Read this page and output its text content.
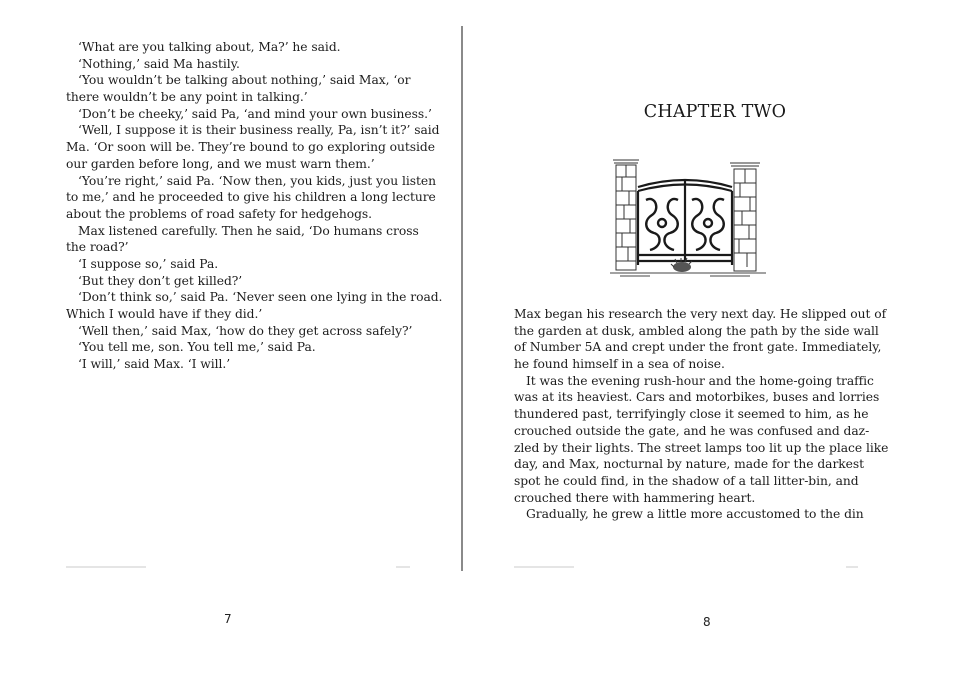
‘What are you talking about, Ma?’ he said.
‘Nothing,’ said Ma hastily.
‘You wouldn’t be talking about nothing,’ said Max, ‘or
there wouldn’t be any point in talking.’
‘Don’t be cheeky,’ said Pa, ‘and mind your own business.’
‘Well, I suppose it is their business really, Pa, isn’t it?’ said
Ma. ‘Or soon will be. They’re bound to go exploring outside
our garden before long, and we must warn them.’
‘You’re right,’ said Pa. ‘Now then, you kids, just you listen
to me,’ and he proceeded to give his children a long lecture
about the problems of road safety for hedgehogs.
Max listened carefully. Then he said, ‘Do humans cross
the road?’
‘I suppose so,’ said Pa.
‘But they don’t get killed?’
‘Don’t think so,’ said Pa. ‘Never seen one lying in the road.
Which I would have if they did.’
‘Well then,’ said Max, ‘how do they get across safely?’
‘You tell me, son. You tell me,’ said Pa.
‘I will,’ said Max. ‘I will.’
7
CHAPTER TWO
Max began his research the very next day. He slipped out of
the garden at dusk, ambled along the path by the side wall
of Number 5A and crept under the front gate. Immediately,
he found himself in a sea of noise.
It was the evening rush-hour and the home-going traffic
was at its heaviest. Cars and motorbikes, buses and lorries
thundered past, terrifyingly close it seemed to him, as he
crouched outside the gate, and he was confused and daz-
zled by their lights. The street lamps too lit up the place like
day, and Max, nocturnal by nature, made for the darkest
spot he could find, in the shadow of a tall litter-bin, and
crouched there with hammering heart.
Gradually, he grew a little more accustomed to the din
8
